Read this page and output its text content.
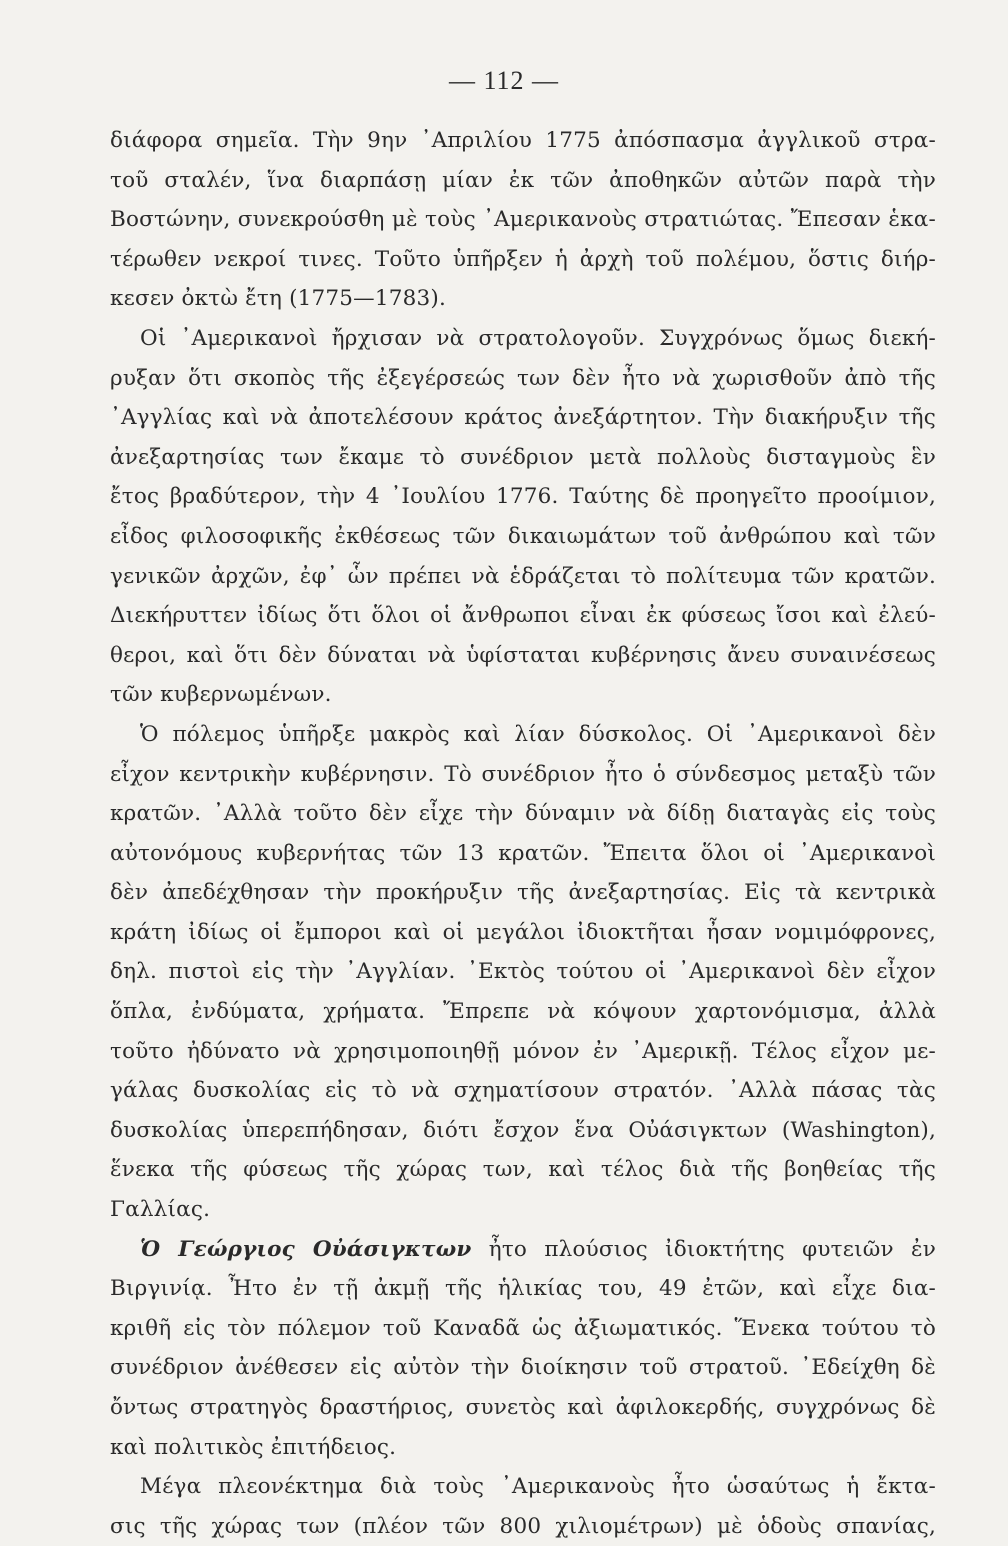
— 112 —
διάφορα σημεῖα. Τὴν 9ην ᾿Απριλίου 1775 ἀπόσπασμα ἀγγλικοῦ στρα-
τοῦ σταλέν, ἵνα διαρπάσῃ μίαν ἐκ τῶν ἀποθηκῶν αὐτῶν παρὰ τὴν
Βοστώνην, συνεκρούσθη μὲ τοὺς ᾿Αμερικανοὺς στρατιώτας. Ἔπεσαν ἑκα-
τέρωθεν νεκροί τινες. Τοῦτο ὑπῆρξεν ἡ ἀρχὴ τοῦ πολέμου, ὅστις διήρ-
κεσεν ὀκτὼ ἔτη (1775—1783).
Οἱ ᾿Αμερικανοὶ ἤρχισαν νὰ στρατολογοῦν. Συγχρόνως ὅμως διεκή-
ρυξαν ὅτι σκοπὸς τῆς ἐξεγέρσεώς των δὲν ἦτο νὰ χωρισθοῦν ἀπὸ τῆς
᾿Αγγλίας καὶ νὰ ἀποτελέσουν κράτος ἀνεξάρτητον. Τὴν διακήρυξιν τῆς
ἀνεξαρτησίας των ἔκαμε τὸ συνέδριον μετὰ πολλοὺς δισταγμοὺς ἓν
ἔτος βραδύτερον, τὴν 4 ᾿Ιουλίου 1776. Ταύτης δὲ προηγεῖτο προοίμιον,
εἶδος φιλοσοφικῆς ἐκθέσεως τῶν δικαιωμάτων τοῦ ἀνθρώπου καὶ τῶν
γενικῶν ἀρχῶν, ἐφ᾿ ὧν πρέπει νὰ ἑδράζεται τὸ πολίτευμα τῶν κρατῶν.
Διεκήρυττεν ἰδίως ὅτι ὅλοι οἱ ἄνθρωποι εἶναι ἐκ φύσεως ἴσοι καὶ ἐλεύ-
θεροι, καὶ ὅτι δὲν δύναται νὰ ὑφίσταται κυβέρνησις ἄνευ συναινέσεως
τῶν κυβερνωμένων.
Ὁ πόλεμος ὑπῆρξε μακρὸς καὶ λίαν δύσκολος. Οἱ ᾿Αμερικανοὶ δὲν
εἶχον κεντρικὴν κυβέρνησιν. Τὸ συνέδριον ἦτο ὁ σύνδεσμος μεταξὺ τῶν
κρατῶν. ᾿Αλλὰ τοῦτο δὲν εἶχε τὴν δύναμιν νὰ δίδῃ διαταγὰς εἰς τοὺς
αὐτονόμους κυβερνήτας τῶν 13 κρατῶν. Ἔπειτα ὅλοι οἱ ᾿Αμερικανοὶ
δὲν ἀπεδέχθησαν τὴν προκήρυξιν τῆς ἀνεξαρτησίας. Εἰς τὰ κεντρικὰ
κράτη ἰδίως οἱ ἔμποροι καὶ οἱ μεγάλοι ἰδιοκτῆται ἦσαν νομιμόφρονες,
δηλ. πιστοὶ εἰς τὴν ᾿Αγγλίαν. ᾿Εκτὸς τούτου οἱ ᾿Αμερικανοὶ δὲν εἶχον
ὅπλα, ἐνδύματα, χρήματα. Ἔπρεπε νὰ κόψουν χαρτονόμισμα, ἀλλὰ
τοῦτο ἠδύνατο νὰ χρησιμοποιηθῇ μόνον ἐν ᾿Αμερικῇ. Τέλος εἶχον με-
γάλας δυσκολίας εἰς τὸ νὰ σχηματίσουν στρατόν. ᾿Αλλὰ πάσας τὰς
δυσκολίας ὑπερεπήδησαν, διότι ἔσχον ἕνα Οὐάσιγκτων (Washington),
ἕνεκα τῆς φύσεως τῆς χώρας των, καὶ τέλος διὰ τῆς βοηθείας τῆς
Γαλλίας.
Ὁ Γεώργιος Οὐάσιγκτων ἦτο πλούσιος ἰδιοκτήτης φυτειῶν ἐν
Βιργινίᾳ. Ἦτο ἐν τῇ ἀκμῇ τῆς ἡλικίας του, 49 ἐτῶν, καὶ εἶχε δια-
κριθῆ εἰς τὸν πόλεμον τοῦ Καναδᾶ ὡς ἀξιωματικός. Ἕνεκα τούτου τὸ
συνέδριον ἀνέθεσεν εἰς αὐτὸν τὴν διοίκησιν τοῦ στρατοῦ. ᾿Εδείχθη δὲ
ὄντως στρατηγὸς δραστήριος, συνετὸς καὶ ἀφιλοκερδής, συγχρόνως δὲ
καὶ πολιτικὸς ἐπιτήδειος.
Μέγα πλεονέκτημα διὰ τοὺς ᾿Αμερικανοὺς ἦτο ὡσαύτως ἡ ἔκτα-
σις τῆς χώρας των (πλέον τῶν 800 χιλιομέτρων) μὲ ὁδοὺς σπανίας,
